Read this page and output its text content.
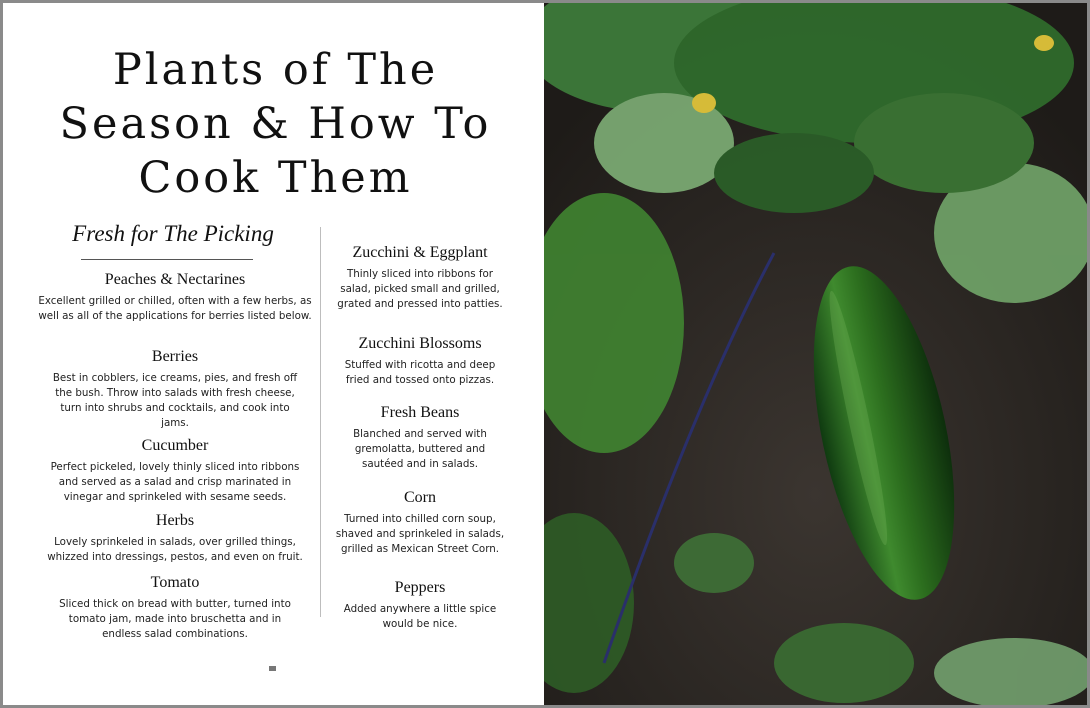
Plants of The
Season & How To
Cook Them
Fresh for The Picking
Peaches & Nectarines

Excellent grilled or chilled, often with a few herbs, as well as all of the applications for berries listed below.

Berries

Best in cobblers, ice creams, pies, and fresh off the bush. Throw into salads with fresh cheese, turn into shrubs and cocktails, and cook into jams.

Cucumber

Perfect pickeled, lovely thinly sliced into ribbons and served as a salad and crisp marinated in vinegar and sprinkeled with sesame seeds.

Herbs

Lovely sprinkeled in salads, over grilled things, whizzed into dressings, pestos, and even on fruit.

Tomato

Sliced thick on bread with butter, turned into tomato jam, made into bruschetta and in endless salad combinations.

Zucchini & Eggplant

Thinly sliced into ribbons for salad, picked small and grilled, grated and pressed into patties.

Zucchini Blossoms

Stuffed with ricotta and deep fried and tossed onto pizzas.

Fresh Beans

Blanched and served with gremolatta, buttered and sautéed and in salads.

Corn

Turned into chilled corn soup, shaved and sprinkeled in salads, grilled as Mexican Street Corn.

Peppers

Added anywhere a little spice would be nice.
